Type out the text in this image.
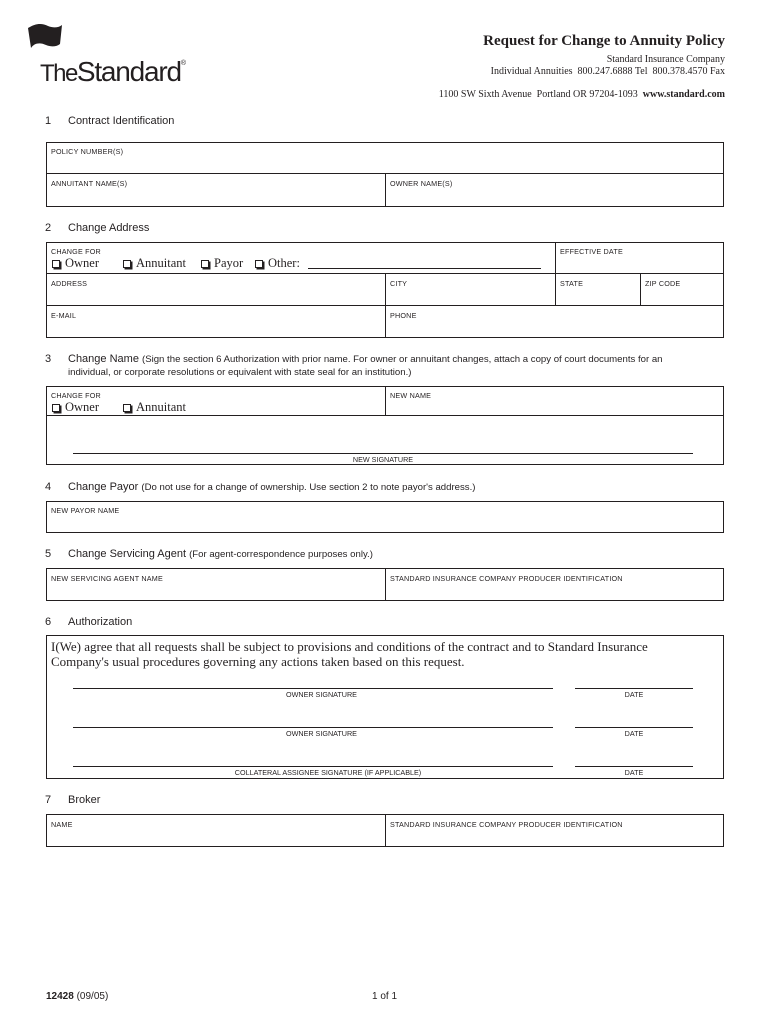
TheStandard®
Request for Change to Annuity Policy
Standard Insurance Company
Individual Annuities  800.247.6888 Tel  800.378.4570 Fax

1100 SW Sixth Avenue  Portland OR 97204-1093 www.standard.com

1 Contract Identification
POLICY NUMBER(S)
ANNUITANT NAME(S)	OWNER NAME(S)
2 Change Address
CHANGE FOR	EFFECTIVE DATE
Owner	Annuitant Payor Other:
ADDRESS	CITY	STATE	ZIP CODE
E-MAIL	PHONE
3 Change Name (Sign the section 6 Authorization with prior name. For owner or annuitant changes, attach a copy of court documents for an
individual, or corporate resolutions or equivalent with state seal for an institution.)
CHANGE FOR	NEW NAME
Owner	Annuitant
NEW SIGNATURE
4 Change Payor (Do not use for a change of ownership. Use section 2 to note payor's address.)
NEW PAYOR NAME
5 Change Servicing Agent (For agent-correspondence purposes only.)
NEW SERVICING AGENT NAME	STANDARD INSURANCE COMPANY PRODUCER IDENTIFICATION
6 Authorization
I(We) agree that all requests shall be subject to provisions and conditions of the contract and to Standard Insurance
Company's usual procedures governing any actions taken based on this request.
OWNER SIGNATURE	DATE
OWNER SIGNATURE	DATE
COLLATERAL ASSIGNEE SIGNATURE (IF APPLICABLE)	DATE
7 Broker
NAME	STANDARD INSURANCE COMPANY PRODUCER IDENTIFICATION
12428 (09/05)	1 of 1
